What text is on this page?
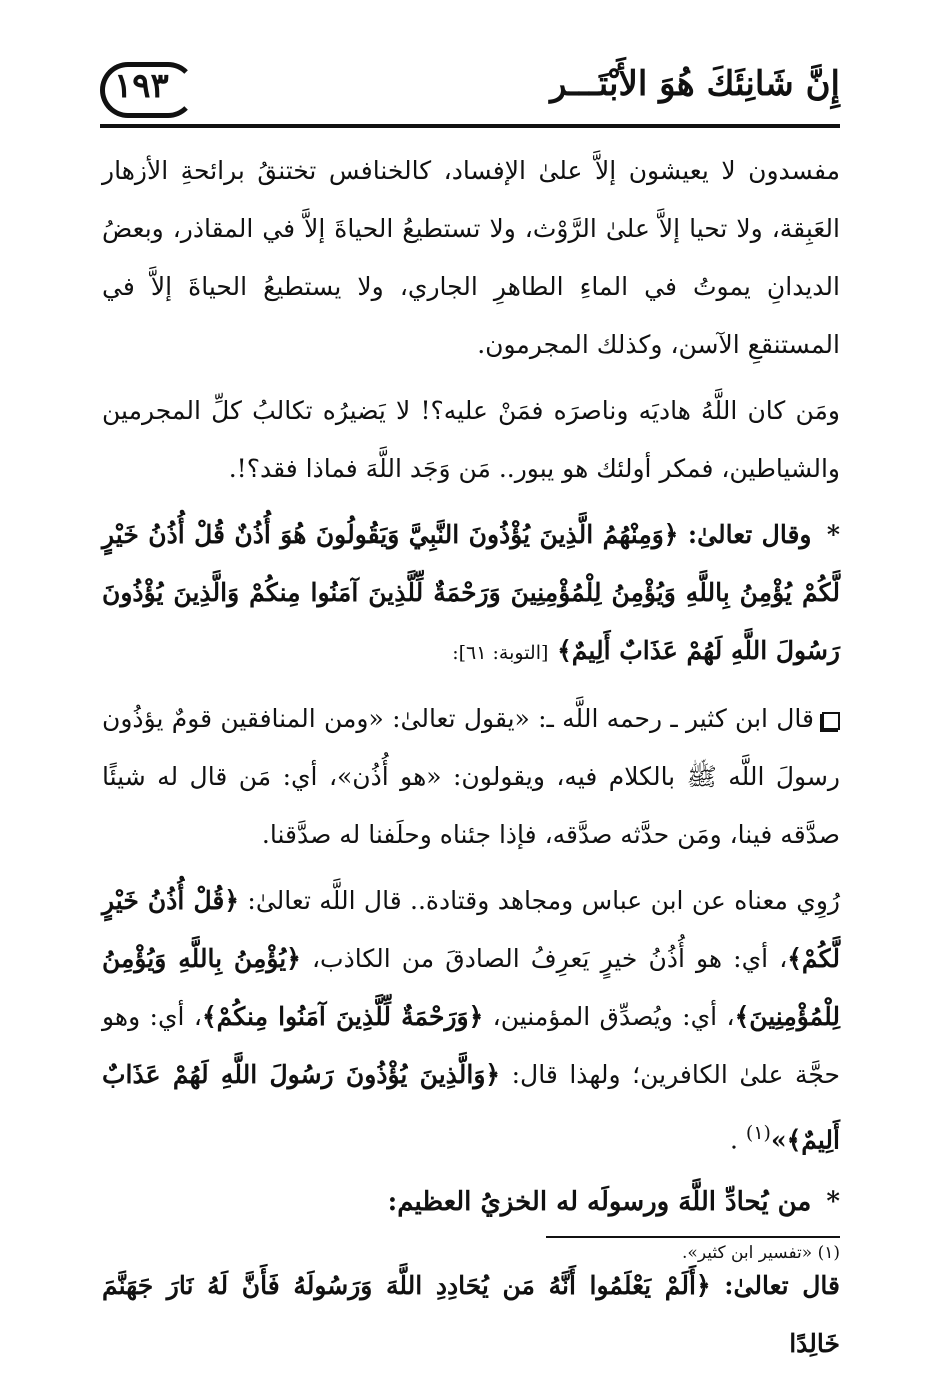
إِنَّ شَانِئَكَ هُوَ الأَبْتَـــر
١٩٣

مفسدون لا يعيشون إلاَّ علىٰ الإفساد، كالخنافس تختنقُ برائحةِ الأزهار العَبِقة، ولا تحيا إلاَّ علىٰ الرَّوْث، ولا تستطيعُ الحياةَ إلاَّ في المقاذر، وبعضُ الديدانِ يموتُ في الماءِ الطاهرِ الجاري، ولا يستطيعُ الحياةَ إلاَّ في المستنقعِ الآسن، وكذلك المجرمون.

ومَن كان اللَّهُ هاديَه وناصرَه فمَنْ عليه؟! لا يَضيرُه تكالبُ كلِّ المجرمين والشياطين، فمكر أولئك هو يبور.. مَن وَجَد اللَّهَ فماذا فقد؟!.

* وقال تعالىٰ: ﴿وَمِنْهُمُ الَّذِينَ يُؤْذُونَ النَّبِيَّ وَيَقُولُونَ هُوَ أُذُنٌ قُلْ أُذُنُ خَيْرٍ لَّكُمْ يُؤْمِنُ بِاللَّهِ وَيُؤْمِنُ لِلْمُؤْمِنِينَ وَرَحْمَةٌ لِّلَّذِينَ آمَنُوا مِنكُمْ وَالَّذِينَ يُؤْذُونَ رَسُولَ اللَّهِ لَهُمْ عَذَابٌ أَلِيمٌ﴾ [التوبة: ٦١]:

قال ابن كثير ـ رحمه اللَّه ـ: «يقول تعالىٰ: «ومن المنافقين قومٌ يؤذُون رسولَ اللَّه ﷺ بالكلام فيه، ويقولون: «هو أُذُن»، أي: مَن قال له شيئًا صدَّقه فينا، ومَن حدَّثه صدَّقه، فإذا جئناه وحلَفنا له صدَّقنا.

رُوِي معناه عن ابن عباس ومجاهد وقتادة.. قال اللَّه تعالىٰ: ﴿قُلْ أُذُنُ خَيْرٍ لَّكُمْ﴾، أي: هو أُذُنُ خيرٍ يَعرِفُ الصادقَ من الكاذب، ﴿يُؤْمِنُ بِاللَّهِ وَيُؤْمِنُ لِلْمُؤْمِنِينَ﴾، أي: ويُصدِّق المؤمنين، ﴿وَرَحْمَةٌ لِّلَّذِينَ آمَنُوا مِنكُمْ﴾، أي: وهو حجَّة علىٰ الكافرين؛ ولهذا قال: ﴿وَالَّذِينَ يُؤْذُونَ رَسُولَ اللَّهِ لَهُمْ عَذَابٌ أَلِيمٌ﴾»$^{(١)}$ .

* من يُحادِّ اللَّهَ ورسولَه له الخزيُ العظيم:

قال تعالىٰ: ﴿أَلَمْ يَعْلَمُوا أَنَّهُ مَن يُحَادِدِ اللَّهَ وَرَسُولَهُ فَأَنَّ لَهُ نَارَ جَهَنَّمَ خَالِدًا

(١) «تفسير ابن كثير».
